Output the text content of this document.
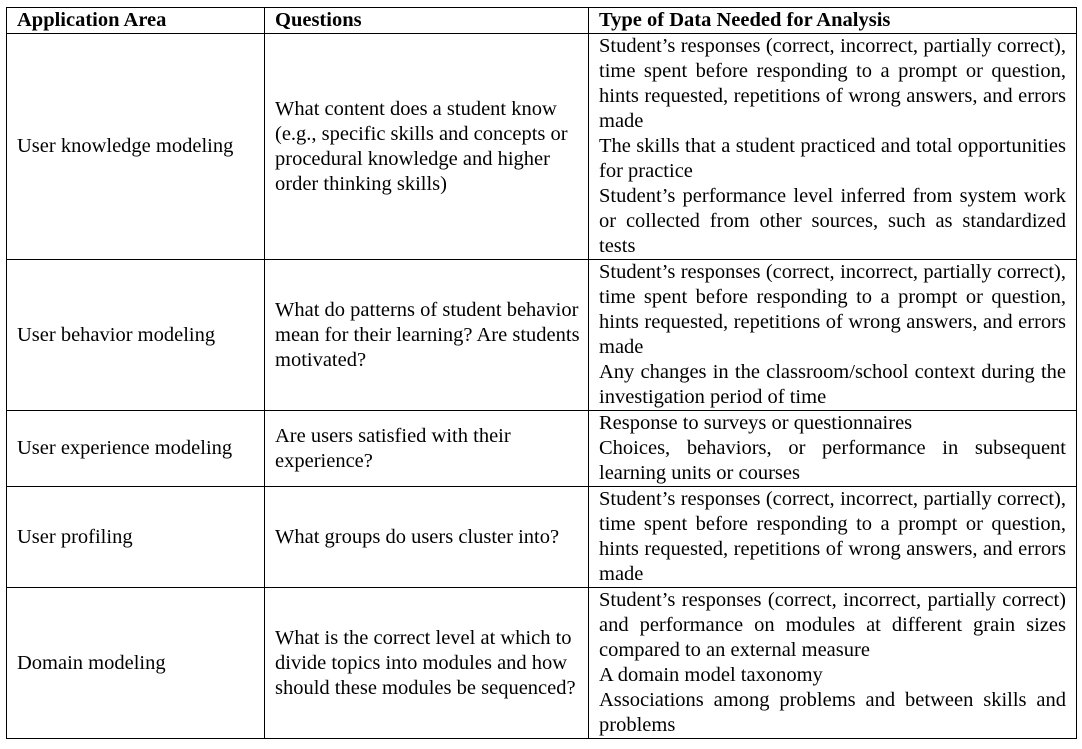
Application Area	Questions	Type of Data Needed for Analysis
User knowledge modeling	What content does a student know (e.g., specific skills and concepts or procedural knowledge and higher order thinking skills)	Student’s responses (correct, incorrect, partially correct), time spent before responding to a prompt or question, hints requested, repetitions of wrong answers, and errors made
The skills that a student practiced and total opportunities for practice
Student’s performance level inferred from system work or collected from other sources, such as standardized tests

User behavior modeling	What do patterns of student behavior mean for their learning? Are students motivated?	Student’s responses (correct, incorrect, partially correct), time spent before responding to a prompt or question, hints requested, repetitions of wrong answers, and errors made
Any changes in the classroom/school context during the investigation period of time

User experience modeling	Are users satisfied with their experience?	Response to surveys or questionnaires
Choices, behaviors, or performance in subsequent learning units or courses

User profiling	What groups do users cluster into?	Student’s responses (correct, incorrect, partially correct), time spent before responding to a prompt or question, hints requested, repetitions of wrong answers, and errors made

Domain modeling	What is the correct level at which to divide topics into modules and how should these modules be sequenced?	Student’s responses (correct, incorrect, partially correct) and performance on modules at different grain sizes compared to an external measure
A domain model taxonomy
Associations among problems and between skills and problems
